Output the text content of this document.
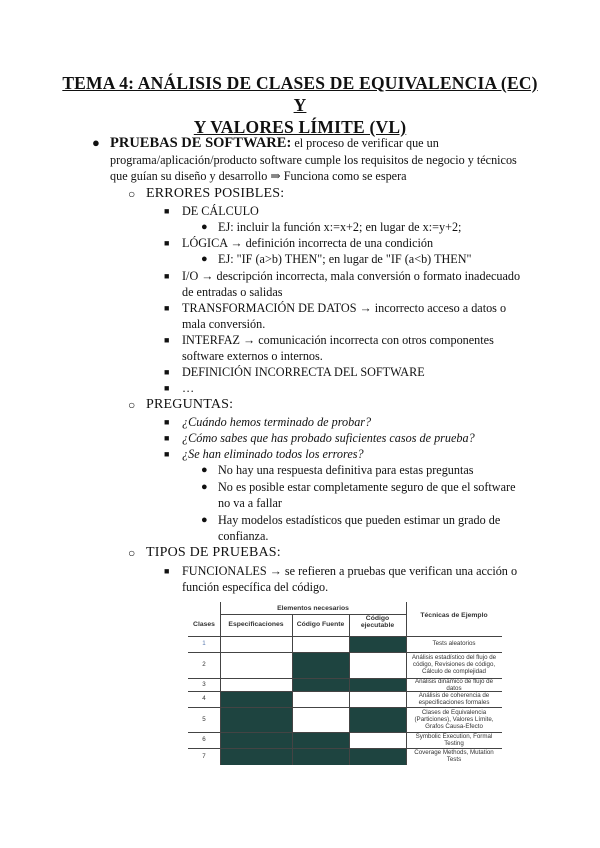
TEMA 4: ANÁLISIS DE CLASES DE EQUIVALENCIA (EC) Y
Y VALORES LÍMITE (VL)
● PRUEBAS DE SOFTWARE: el proceso de verificar que un
programa/aplicación/producto software cumple los requisitos de negocio y técnicos
que guían su diseño y desarrollo ⇒ Funciona como se espera
○ ERRORES POSIBLES:
■ DE CÁLCULO
● EJ: incluir la función x:=x+2; en lugar de x:=y+2;
■ LÓGICA → definición incorrecta de una condición
● EJ: "IF (a>b) THEN"; en lugar de "IF (a<b) THEN"
■ I/O → descripción incorrecta, mala conversión o formato inadecuado
de entradas o salidas
■ TRANSFORMACIÓN DE DATOS → incorrecto acceso a datos o
mala conversión.
■ INTERFAZ → comunicación incorrecta con otros componentes
software externos o internos.
■ DEFINICIÓN INCORRECTA DEL SOFTWARE
■ …
○ PREGUNTAS:
■ ¿Cuándo hemos terminado de probar?
■ ¿Cómo sabes que has probado suficientes casos de prueba?
■ ¿Se han eliminado todos los errores?
● No hay una respuesta definitiva para estas preguntas
● No es posible estar completamente seguro de que el software
no va a fallar
● Hay modelos estadísticos que pueden estimar un grado de
confianza.
○ TIPOS DE PRUEBAS:
■ FUNCIONALES → se refieren a pruebas que verifican una acción o
función específica del código.
Elementos necesarios
Clases	Especificaciones	Código Fuente
Código
ejecutable
Técnicas de Ejemplo
1
2
3
4
5
6
7
Tests aleatorios
Análisis estadístico del flujo de
código, Revisiones de código,
Cálculo de complejidad
Análisis dinámico de flujo de
datos
Análisis de coherencia de
especificaciones formales
Clases de Equivalencia
(Particiones), Valores Límite,
Grafos Causa-Efecto
Symbolic Execution, Formal
Testing
Coverage Methods, Mutation
Tests
